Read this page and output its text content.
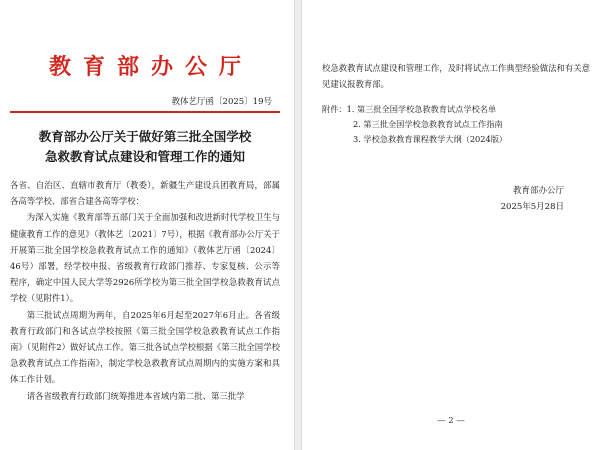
教育部办公厅
教体艺厅函〔2025〕19号
教育部办公厅关于做好第三批全国学校
急救教育试点建设和管理工作的通知
各省、自治区、直辖市教育厅（教委），新疆生产建设兵团教育局，部属各高等学校、部省合建各高等学校：
为深入实施《教育部等五部门关于全面加强和改进新时代学校卫生与健康教育工作的意见》（教体艺〔2021〕7号），根据《教育部办公厅关于开展第三批全国学校急救教育试点工作的通知》（教体艺厅函〔2024〕46号）部署，经学校申报、省级教育行政部门推荐、专家复核、公示等程序，确定中国人民大学等2926所学校为第三批全国学校急救教育试点学校（见附件1）。
第三批试点周期为两年，自2025年6月起至2027年6月止。各省级教育行政部门和各试点学校按照《第三批全国学校急救教育试点工作指南》（见附件2）做好试点工作。第三批各试点学校根据《第三批全国学校急救教育试点工作指南》，制定学校急救教育试点周期内的实施方案和具体工作计划。
请各省级教育行政部门统筹推进本省域内第二批、第三批学
校急救教育试点建设和管理工作，及时将试点工作典型经验做法和有关意见建议报教育部。
附件：1. 第三批全国学校急救教育试点学校名单
2. 第三批全国学校急救教育试点工作指南
3. 学校急救教育课程教学大纲（2024版）
教育部办公厅
2025年5月28日
— 2 —
